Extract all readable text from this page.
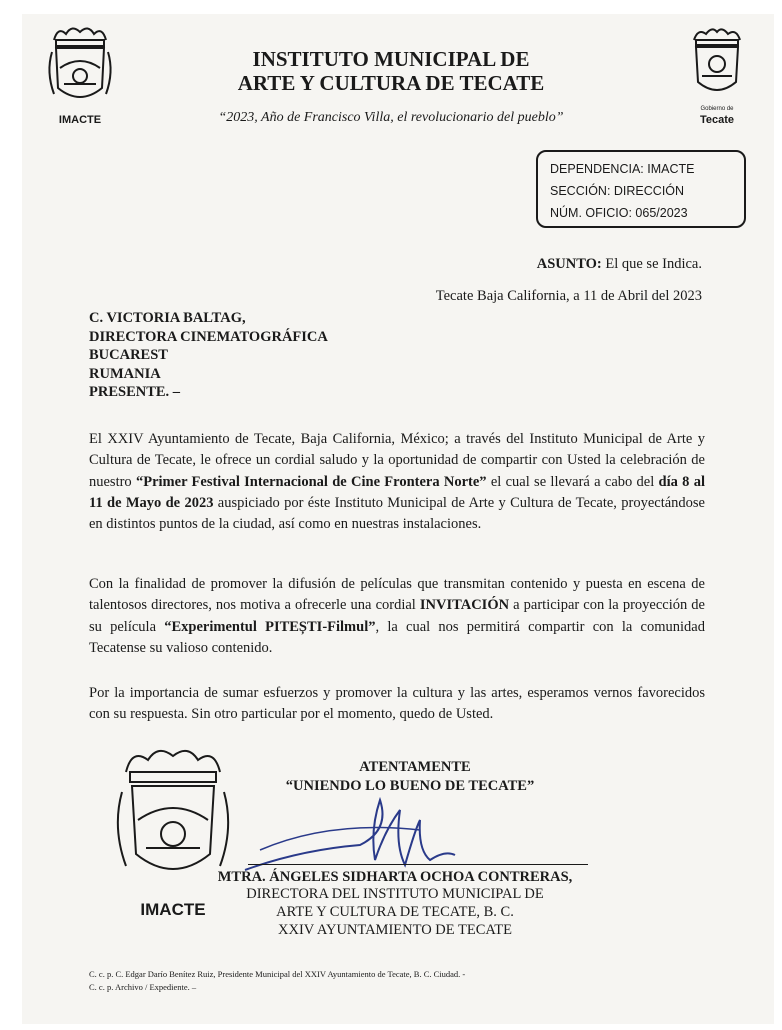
IMACTE
INSTITUTO MUNICIPAL DE
ARTE Y CULTURA DE TECATE
“2023, Año de Francisco Villa, el revolucionario del pueblo”
Gobierno de
Tecate
DEPENDENCIA: IMACTE
SECCIÓN: DIRECCIÓN
NÚM. OFICIO: 065/2023
ASUNTO: El que se Indica.
Tecate Baja California, a 11 de Abril del 2023
C. VICTORIA BALTAG,
DIRECTORA CINEMATOGRÁFICA
BUCAREST
RUMANIA
PRESENTE. –
El XXIV Ayuntamiento de Tecate, Baja California, México; a través del Instituto Municipal de Arte y Cultura de Tecate, le ofrece un cordial saludo y la oportunidad de compartir con Usted la celebración de nuestro “Primer Festival Internacional de Cine Frontera Norte” el cual se llevará a cabo del día 8 al 11 de Mayo de 2023 auspiciado por éste Instituto Municipal de Arte y Cultura de Tecate, proyectándose en distintos puntos de la ciudad, así como en nuestras instalaciones.
Con la finalidad de promover la difusión de películas que transmitan contenido y puesta en escena de talentosos directores, nos motiva a ofrecerle una cordial INVITACIÓN a participar con la proyección de su película “Experimentul PITEȘTI-Filmul”, la cual nos permitirá compartir con la comunidad Tecatense su valioso contenido.
Por la importancia de sumar esfuerzos y promover la cultura y las artes, esperamos vernos favorecidos con su respuesta. Sin otro particular por el momento, quedo de Usted.
ATENTAMENTE
“UNIENDO LO BUENO DE TECATE”
IMACTE
MTRA. ÁNGELES SIDHARTA OCHOA CONTRERAS,
DIRECTORA DEL INSTITUTO MUNICIPAL DE
ARTE Y CULTURA DE TECATE, B. C.
XXIV AYUNTAMIENTO DE TECATE
C. c. p. C. Edgar Darío Benítez Ruiz, Presidente Municipal del XXIV Ayuntamiento de Tecate, B. C. Ciudad. -
C. c. p. Archivo / Expediente. –
